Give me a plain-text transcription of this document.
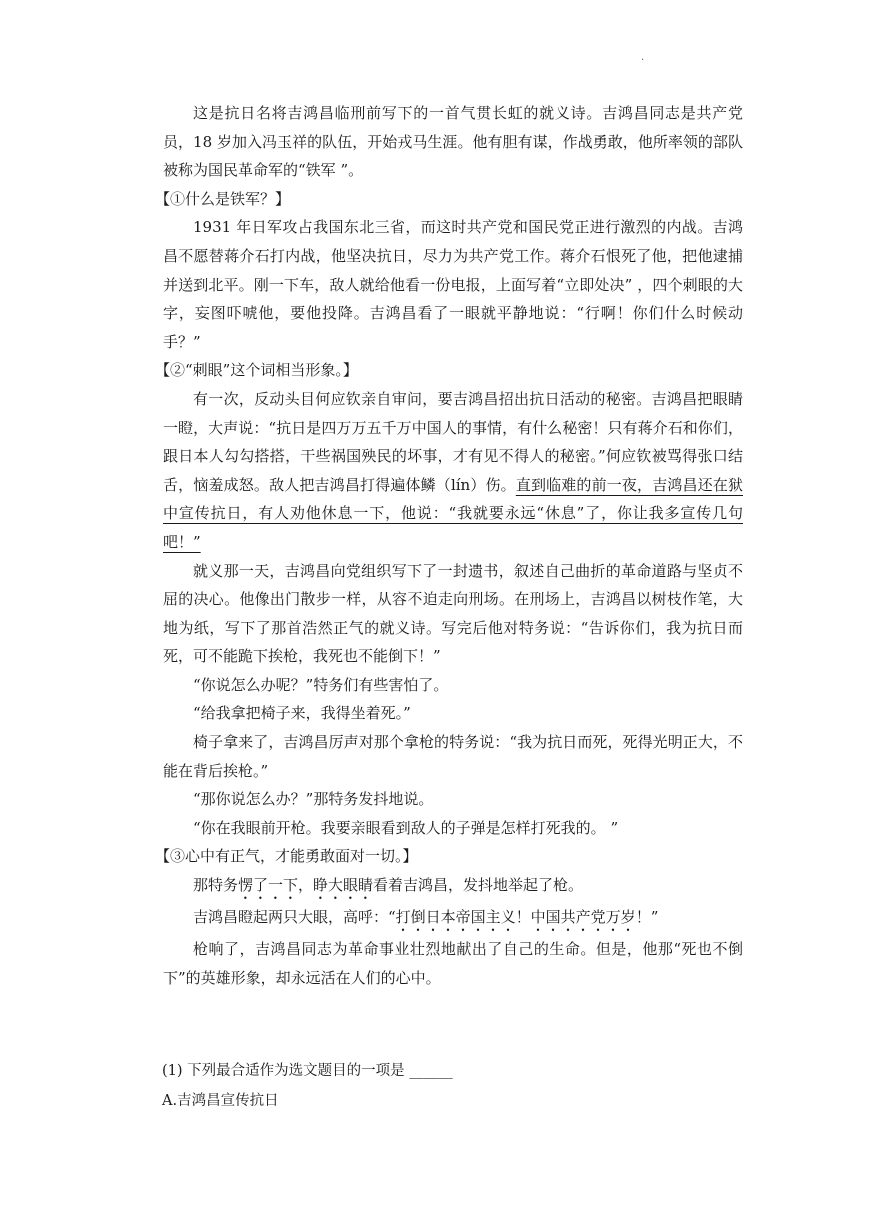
.

这是抗日名将吉鸿昌临刑前写下的一首气贯长虹的就义诗。吉鸿昌同志是共产党员，18 岁加入冯玉祥的队伍，开始戎马生涯。他有胆有谋，作战勇敢，他所率领的部队被称为国民革命军的“铁军 ”。

【①什么是铁军？】

1931 年日军攻占我国东北三省，而这时共产党和国民党正进行激烈的内战。吉鸿昌不愿替蒋介石打内战，他坚决抗日，尽力为共产党工作。蒋介石恨死了他，把他逮捕并送到北平。刚一下车，敌人就给他看一份电报，上面写着“立即处决” ，四个刺眼的大字，妄图吓唬他，要他投降。吉鸿昌看了一眼就平静地说：“行啊！你们什么时候动手？”

【②“刺眼”这个词相当形象。】

有一次，反动头目何应钦亲自审问，要吉鸿昌招出抗日活动的秘密。吉鸿昌把眼睛一瞪，大声说：“抗日是四万万五千万中国人的事情，有什么秘密！只有蒋介石和你们，跟日本人勾勾搭搭，干些祸国殃民的坏事，才有见不得人的秘密。”何应钦被骂得张口结舌，恼羞成怒。敌人把吉鸿昌打得遍体鳞（lín）伤。直到临难的前一夜，吉鸿昌还在狱中宣传抗日，有人劝他休息一下，他说：“我就要永远“休息”了，你让我多宣传几句吧！”

就义那一天，吉鸿昌向党组织写下了一封遗书，叙述自己曲折的革命道路与坚贞不屈的决心。他像出门散步一样，从容不迫走向刑场。在刑场上，吉鸿昌以树枝作笔，大地为纸，写下了那首浩然正气的就义诗。写完后他对特务说：“告诉你们，我为抗日而死，可不能跪下挨枪，我死也不能倒下！”

“你说怎么办呢？”特务们有些害怕了。

“给我拿把椅子来，我得坐着死。”

椅子拿来了，吉鸿昌厉声对那个拿枪的特务说：“我为抗日而死，死得光明正大，不能在背后挨枪。”

“那你说怎么办？”那特务发抖地说。

“你在我眼前开枪。我要亲眼看到敌人的子弹是怎样打死我的。 ”

【③心中有正气，才能勇敢面对一切。】

那特务愣了一下，睁大眼睛看着吉鸿昌，发抖地举起了枪。

吉鸿昌瞪起两只大眼，高呼：“打倒日本帝国主义！中国共产党万岁！”

枪响了，吉鸿昌同志为革命事业壮烈地献出了自己的生命。但是，他那“死也不倒下”的英雄形象，却永远活在人们的心中。

(1) 下列最合适作为选文题目的一项是 ______
A.吉鸿昌宣传抗日
